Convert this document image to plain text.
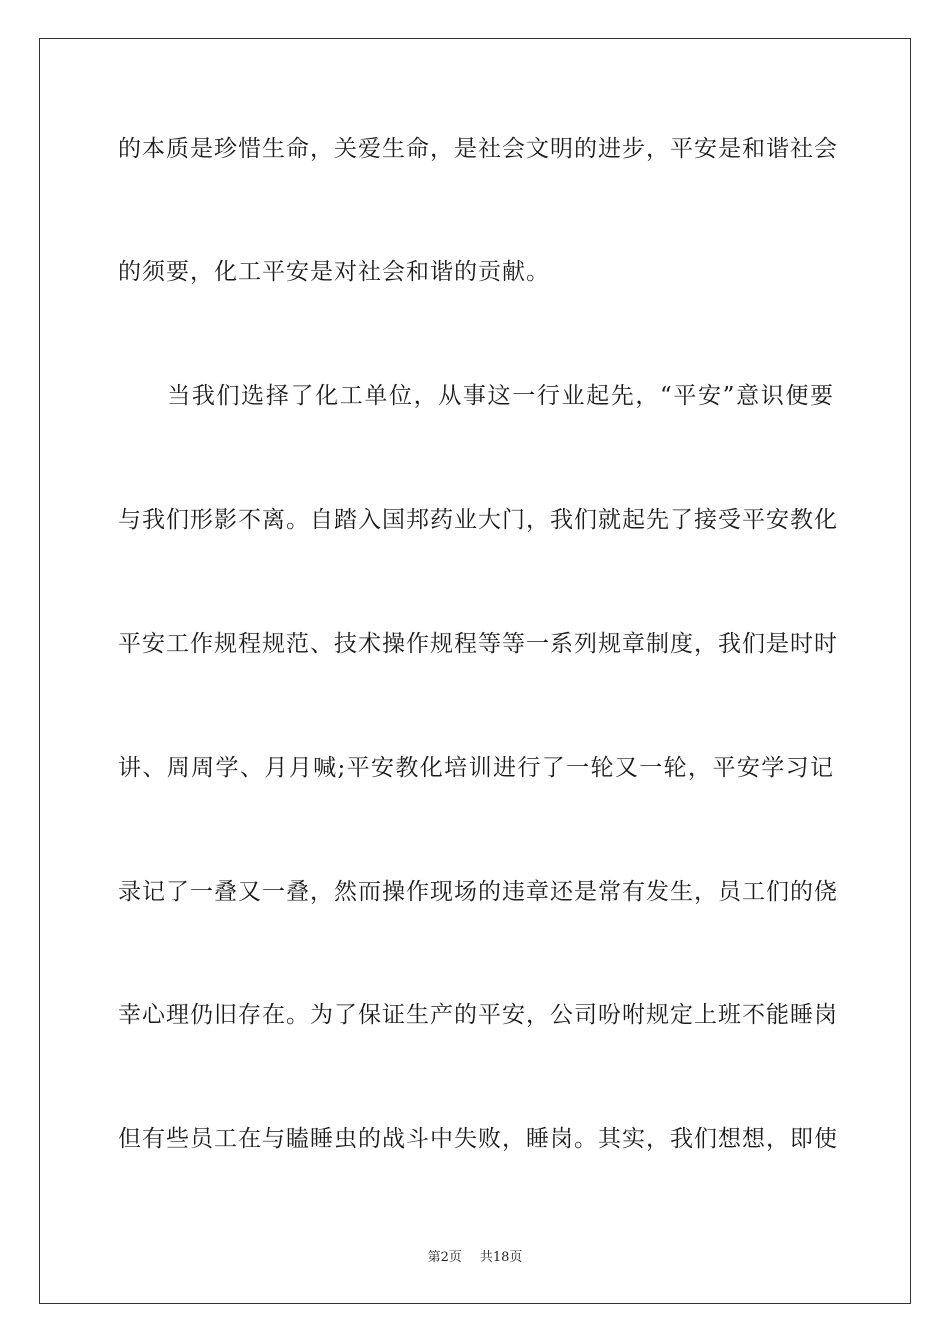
的本质是珍惜生命，关爱生命，是社会文明的进步，平安是和谐社会
的须要，化工平安是对社会和谐的贡献。
　　当我们选择了化工单位，从事这一行业起先，“平安”意识便要
与我们形影不离。自踏入国邦药业大门，我们就起先了接受平安教化
平安工作规程规范、技术操作规程等等一系列规章制度，我们是时时
讲、周周学、月月喊;平安教化培训进行了一轮又一轮，平安学习记
录记了一叠又一叠，然而操作现场的违章还是常有发生，员工们的侥
幸心理仍旧存在。为了保证生产的平安，公司吩咐规定上班不能睡岗
但有些员工在与瞌睡虫的战斗中失败，睡岗。其实，我们想想，即使
第2页 共18页
